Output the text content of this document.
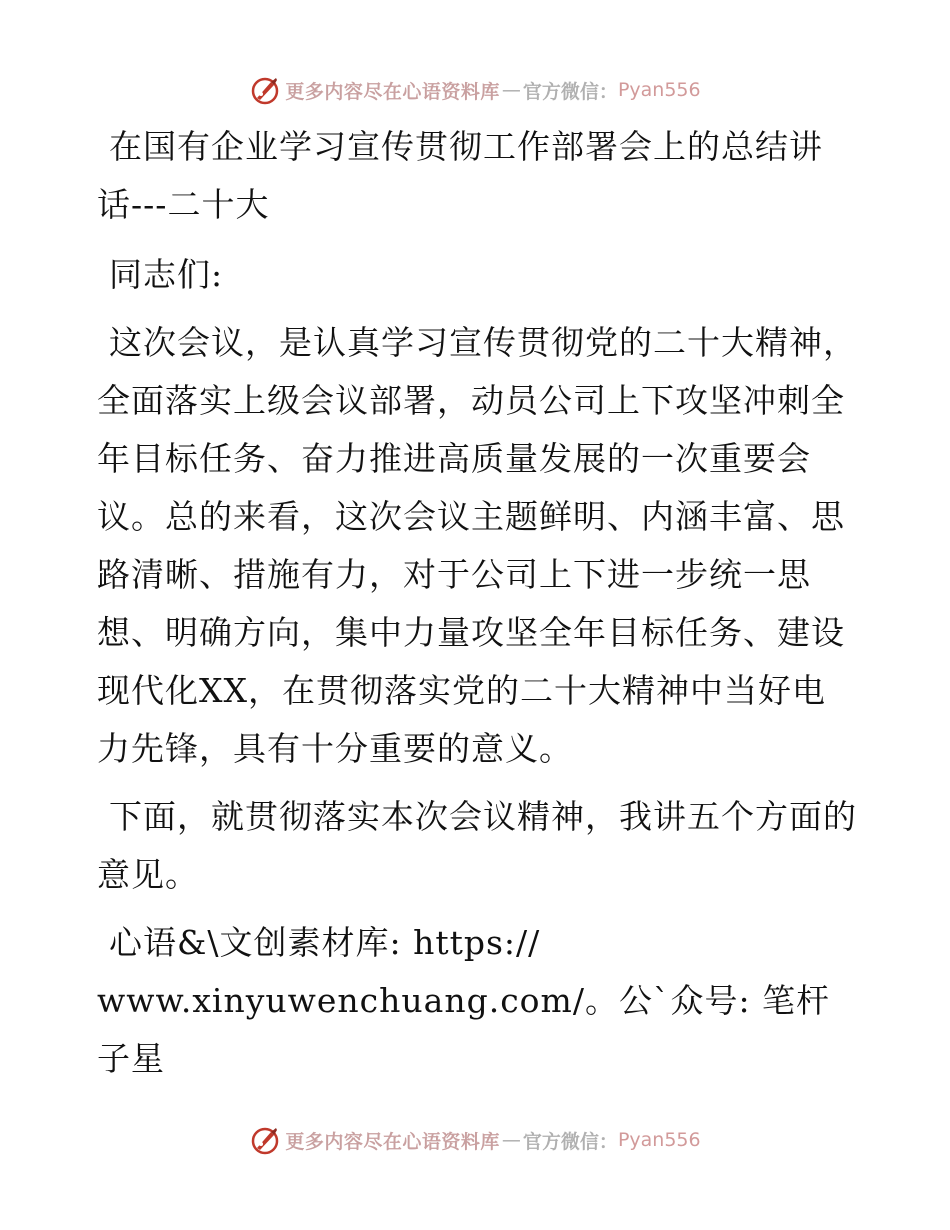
更多内容尽在心语资料库 — 官方微信： Pyan556

在国有企业学习宣传贯彻工作部署会上的总结讲话---二十大

同志们:

这次会议，是认真学习宣传贯彻党的二十大精神，全面落实上级会议部署，动员公司上下攻坚冲刺全年目标任务、奋力推进高质量发展的一次重要会议。总的来看，这次会议主题鲜明、内涵丰富、思路清晰、措施有力，对于公司上下进一步统一思想、明确方向，集中力量攻坚全年目标任务、建设现代化XX，在贯彻落实党的二十大精神中当好电力先锋，具有十分重要的意义。

下面，就贯彻落实本次会议精神，我讲五个方面的意见。

心语&\文创素材库: https://

www.xinyuwenchuang.com/。公`众号: 笔杆子星

更多内容尽在心语资料库 — 官方微信： Pyan556
